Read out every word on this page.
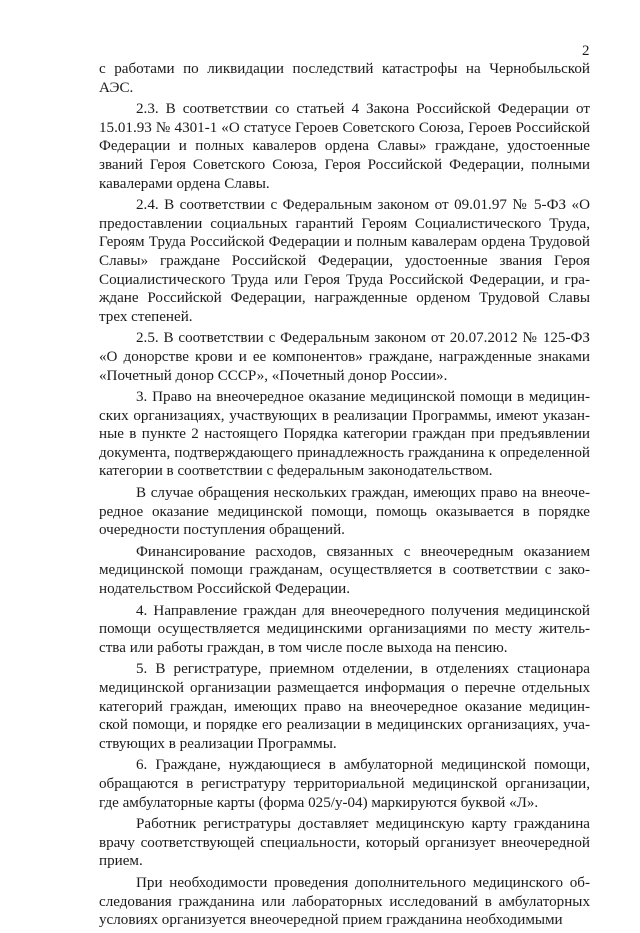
2

с работами по ликвидации последствий катастрофы на Чернобыльской АЭС.

2.3. В соответствии со статьей 4 Закона Российской Федерации от 15.01.93 № 4301-1 «О статусе Героев Советского Союза, Героев Российской Федерации и полных кавалеров ордена Славы» граждане, удостоенные званий Героя Советского Союза, Героя Российской Федерации, полными кавалерами ордена Славы.

2.4. В соответствии с Федеральным законом от 09.01.97 № 5-ФЗ «О предоставлении социальных гарантий Героям Социалистического Труда, Героям Труда Российской Федерации и полным кавалерам ордена Трудовой Славы» граждане Российской Федерации, удостоенные звания Героя Социалистического Труда или Героя Труда Российской Федерации, и граждане Российской Федерации, награжденные орденом Трудовой Славы трех степеней.

2.5. В соответствии с Федеральным законом от 20.07.2012 № 125-ФЗ «О донорстве крови и ее компонентов» граждане, награжденные знаками «Почетный донор СССР», «Почетный донор России».

3. Право на внеочередное оказание медицинской помощи в медицинских организациях, участвующих в реализации Программы, имеют указанные в пункте 2 настоящего Порядка категории граждан при предъявлении документа, подтверждающего принадлежность гражданина к определенной категории в соответствии с федеральным законодательством.

В случае обращения нескольких граждан, имеющих право на внеочередное оказание медицинской помощи, помощь оказывается в порядке очередности поступления обращений.

Финансирование расходов, связанных с внеочередным оказанием медицинской помощи гражданам, осуществляется в соответствии с законодательством Российской Федерации.

4. Направление граждан для внеочередного получения медицинской помощи осуществляется медицинскими организациями по месту жительства или работы граждан, в том числе после выхода на пенсию.

5. В регистратуре, приемном отделении, в отделениях стационара медицинской организации размещается информация о перечне отдельных категорий граждан, имеющих право на внеочередное оказание медицинской помощи, и порядке его реализации в медицинских организациях, участвующих в реализации Программы.

6. Граждане, нуждающиеся в амбулаторной медицинской помощи, обращаются в регистратуру территориальной медицинской организации, где амбулаторные карты (форма 025/у-04) маркируются буквой «Л».

Работник регистратуры доставляет медицинскую карту гражданина врачу соответствующей специальности, который организует внеочередной прием.

При необходимости проведения дополнительного медицинского обследования гражданина или лабораторных исследований в амбулаторных условиях организуется внеочередной прием гражданина необходимыми
